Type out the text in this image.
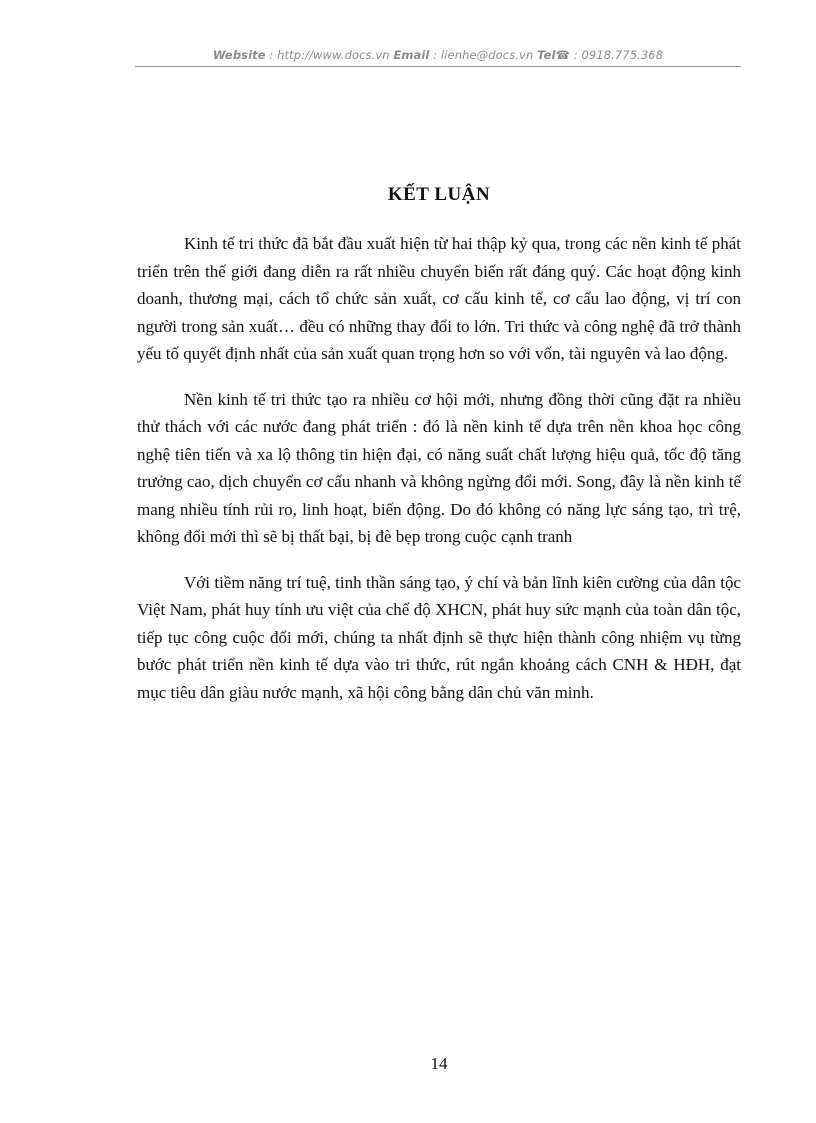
Website : http://www.docs.vn Email : lienhe@docs.vn Tel☎ : 0918.775.368
KẾT LUẬN

Kinh tế tri thức đã bắt đầu xuất hiện từ hai thập kỷ qua, trong các nền kinh tế phát triển trên thế giới đang diễn ra rất nhiều chuyển biến rất đáng quý. Các hoạt động kinh doanh, thương mại, cách tổ chức sản xuất, cơ cấu kinh tế, cơ cấu lao động, vị trí con người trong sản xuất… đều có những thay đổi to lớn. Tri thức và công nghệ đã trở thành yếu tố quyết định nhất của sản xuất quan trọng hơn so với vốn, tài nguyên và lao động.

Nền kinh tế tri thức tạo ra nhiều cơ hội mới, nhưng đồng thời cũng đặt ra nhiều thử thách với các nước đang phát triển : đó là nền kinh tế dựa trên nền khoa học công nghệ tiên tiến và xa lộ thông tin hiện đại, có năng suất chất lượng hiệu quả, tốc độ tăng trưởng cao, dịch chuyển cơ cấu nhanh và không ngừng đổi mới. Song, đây là nền kinh tế mang nhiều tính rủi ro, linh hoạt, biến động. Do đó không có năng lực sáng tạo, trì trệ, không đổi mới thì sẽ bị thất bại, bị đè bẹp trong cuộc cạnh tranh

Với tiềm năng trí tuệ, tinh thần sáng tạo, ý chí và bản lĩnh kiên cường của dân tộc Việt Nam, phát huy tính ưu việt của chế độ XHCN, phát huy sức mạnh của toàn dân tộc, tiếp tục công cuộc đổi mới, chúng ta nhất định sẽ thực hiện thành công nhiệm vụ từng bước phát triển nền kinh tế dựa vào tri thức, rút ngắn khoảng cách CNH & HĐH, đạt mục tiêu dân giàu nước mạnh, xã hội công bằng dân chủ văn minh.

14
